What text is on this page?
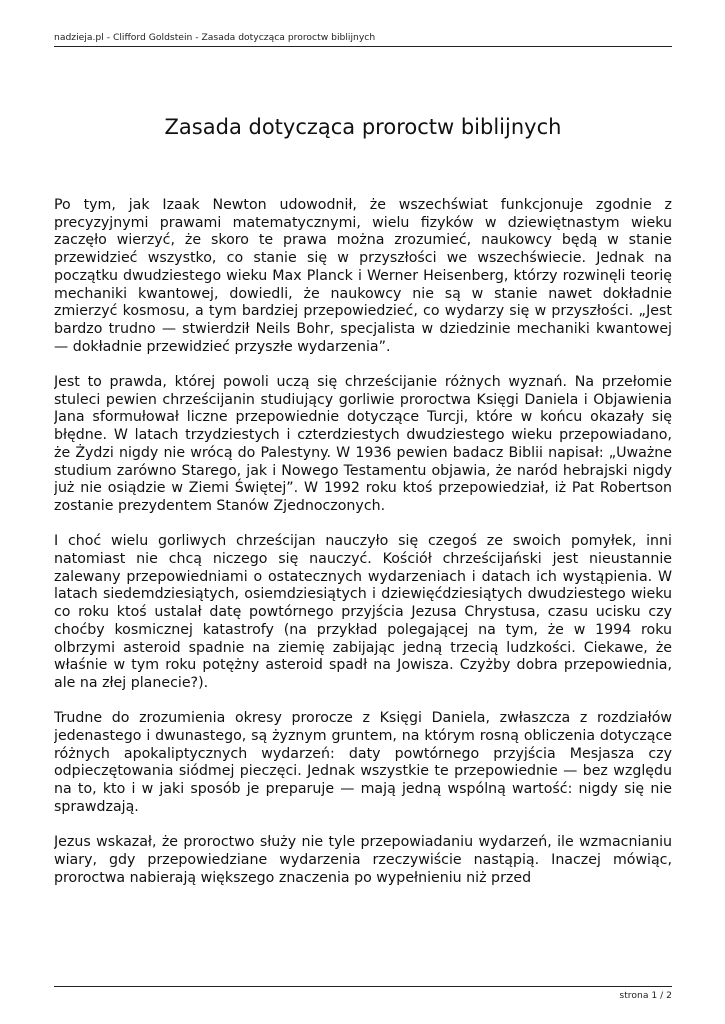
nadzieja.pl - Clifford Goldstein - Zasada dotycząca proroctw biblijnych
Zasada dotycząca proroctw biblijnych

Po tym, jak Izaak Newton udowodnił, że wszechświat funkcjonuje zgodnie z precyzyjnymi prawami matematycznymi, wielu fizyków w dziewiętnastym wieku zaczęło wierzyć, że skoro te prawa można zrozumieć, naukowcy będą w stanie przewidzieć wszystko, co stanie się w przyszłości we wszechświecie. Jednak na początku dwudziestego wieku Max Planck i Werner Heisenberg, którzy rozwinęli teorię mechaniki kwantowej, dowiedli, że naukowcy nie są w stanie nawet dokładnie zmierzyć kosmosu, a tym bardziej przepowiedzieć, co wydarzy się w przyszłości. „Jest bardzo trudno — stwierdził Neils Bohr, specjalista w dziedzinie mechaniki kwantowej — dokładnie przewidzieć przyszłe wydarzenia”.

Jest to prawda, której powoli uczą się chrześcijanie różnych wyznań. Na przełomie stuleci pewien chrześcijanin studiujący gorliwie proroctwa Księgi Daniela i Objawienia Jana sformułował liczne przepowiednie dotyczące Turcji, które w końcu okazały się błędne. W latach trzydziestych i czterdziestych dwudziestego wieku przepowiadano, że Żydzi nigdy nie wrócą do Palestyny. W 1936 pewien badacz Biblii napisał: „Uważne studium zarówno Starego, jak i Nowego Testamentu objawia, że naród hebrajski nigdy już nie osiądzie w Ziemi Świętej”. W 1992 roku ktoś przepowiedział, iż Pat Robertson zostanie prezydentem Stanów Zjednoczonych.

I choć wielu gorliwych chrześcijan nauczyło się czegoś ze swoich pomyłek, inni natomiast nie chcą niczego się nauczyć. Kościół chrześcijański jest nieustannie zalewany przepowiedniami o ostatecznych wydarzeniach i datach ich wystąpienia. W latach siedemdziesiątych, osiemdziesiątych i dziewięćdziesiątych dwudziestego wieku co roku ktoś ustalał datę powtórnego przyjścia Jezusa Chrystusa, czasu ucisku czy choćby kosmicznej katastrofy (na przykład polegającej na tym, że w 1994 roku olbrzymi asteroid spadnie na ziemię zabijając jedną trzecią ludzkości. Ciekawe, że właśnie w tym roku potężny asteroid spadł na Jowisza. Czyżby dobra przepowiednia, ale na złej planecie?).

Trudne do zrozumienia okresy prorocze z Księgi Daniela, zwłaszcza z rozdziałów jedenastego i dwunastego, są żyznym gruntem, na którym rosną obliczenia dotyczące różnych apokaliptycznych wydarzeń: daty powtórnego przyjścia Mesjasza czy odpieczętowania siódmej pieczęci. Jednak wszystkie te przepowiednie — bez względu na to, kto i w jaki sposób je preparuje — mają jedną wspólną wartość: nigdy się nie sprawdzają.

Jezus wskazał, że proroctwo służy nie tyle przepowiadaniu wydarzeń, ile wzmacnianiu wiary, gdy przepowiedziane wydarzenia rzeczywiście nastąpią. Inaczej mówiąc, proroctwa nabierają większego znaczenia po wypełnieniu niż przed

strona 1 / 2
